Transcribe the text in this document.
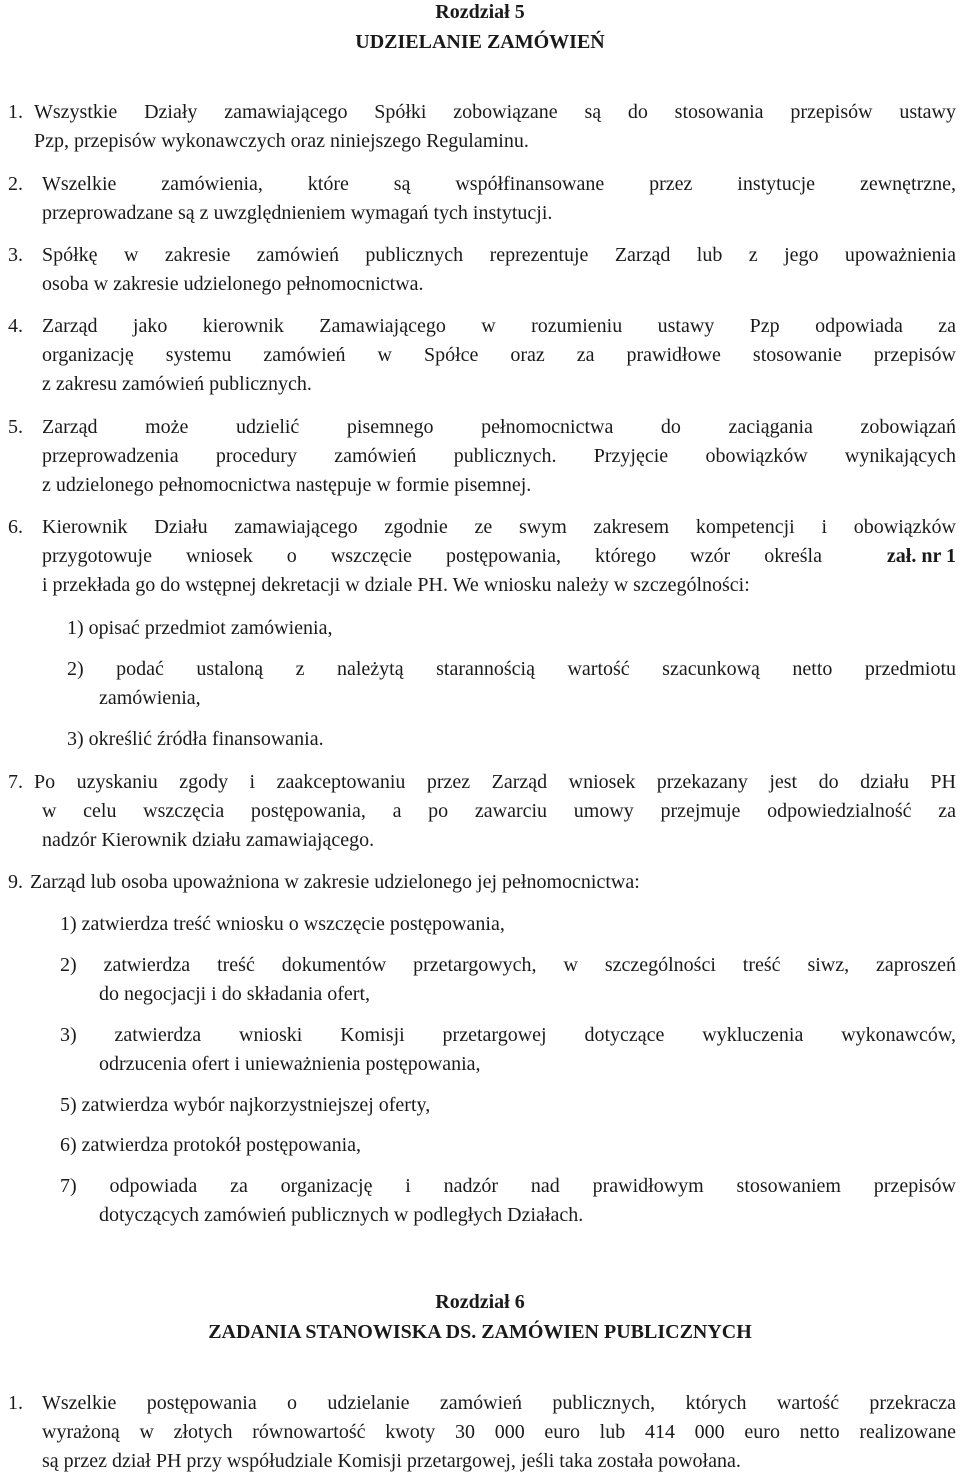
Rozdział 5
UDZIELANIE ZAMÓWIEŃ
1. Wszystkie Działy zamawiającego Spółki zobowiązane są do stosowania przepisów ustawy
Pzp, przepisów wykonawczych oraz niniejszego Regulaminu.
2. Wszelkie zamówienia, które są współfinansowane przez instytucje zewnętrzne,
przeprowadzane są z uwzględnieniem wymagań tych instytucji.
3. Spółkę w zakresie zamówień publicznych reprezentuje Zarząd lub z jego upoważnienia
osoba w zakresie udzielonego pełnomocnictwa.
4. Zarząd jako kierownik Zamawiającego w rozumieniu ustawy Pzp odpowiada za
organizację systemu zamówień w Spółce oraz za prawidłowe stosowanie przepisów
z zakresu zamówień publicznych.
5. Zarząd może udzielić pisemnego pełnomocnictwa do zaciągania zobowiązań
przeprowadzenia procedury zamówień publicznych. Przyjęcie obowiązków wynikających
z udzielonego pełnomocnictwa następuje w formie pisemnej.
6. Kierownik Działu zamawiającego zgodnie ze swym zakresem kompetencji i obowiązków
przygotowuje wniosek o wszczęcie postępowania, którego wzór określa	zał. nr 1
i przekłada go do wstępnej dekretacji w dziale PH. We wniosku należy w szczególności:
1) opisać przedmiot zamówienia,
2) podać ustaloną z należytą starannością wartość szacunkową netto przedmiotu
zamówienia,
3) określić źródła finansowania.
7. Po uzyskaniu zgody i zaakceptowaniu przez Zarząd wniosek przekazany jest do działu PH
w celu wszczęcia postępowania, a po zawarciu umowy przejmuje odpowiedzialność za
nadzór Kierownik działu zamawiającego.
9. Zarząd lub osoba upoważniona w zakresie udzielonego jej pełnomocnictwa:
1) zatwierdza treść wniosku o wszczęcie postępowania,
2) zatwierdza treść dokumentów przetargowych, w szczególności treść siwz, zaproszeń
do negocjacji i do składania ofert,
3) zatwierdza wnioski Komisji przetargowej dotyczące wykluczenia wykonawców,
odrzucenia ofert i unieważnienia postępowania,
5) zatwierdza wybór najkorzystniejszej oferty,
6) zatwierdza protokół postępowania,
7) odpowiada za organizację i nadzór nad prawidłowym stosowaniem przepisów
dotyczących zamówień publicznych w podległych Działach.
Rozdział 6
ZADANIA STANOWISKA DS. ZAMÓWIEN PUBLICZNYCH
1. Wszelkie postępowania o udzielanie zamówień publicznych, których wartość przekracza
wyrażoną w złotych równowartość kwoty 30 000 euro lub 414 000 euro netto realizowane
są przez dział PH przy współudziale Komisji przetargowej, jeśli taka została powołana.
